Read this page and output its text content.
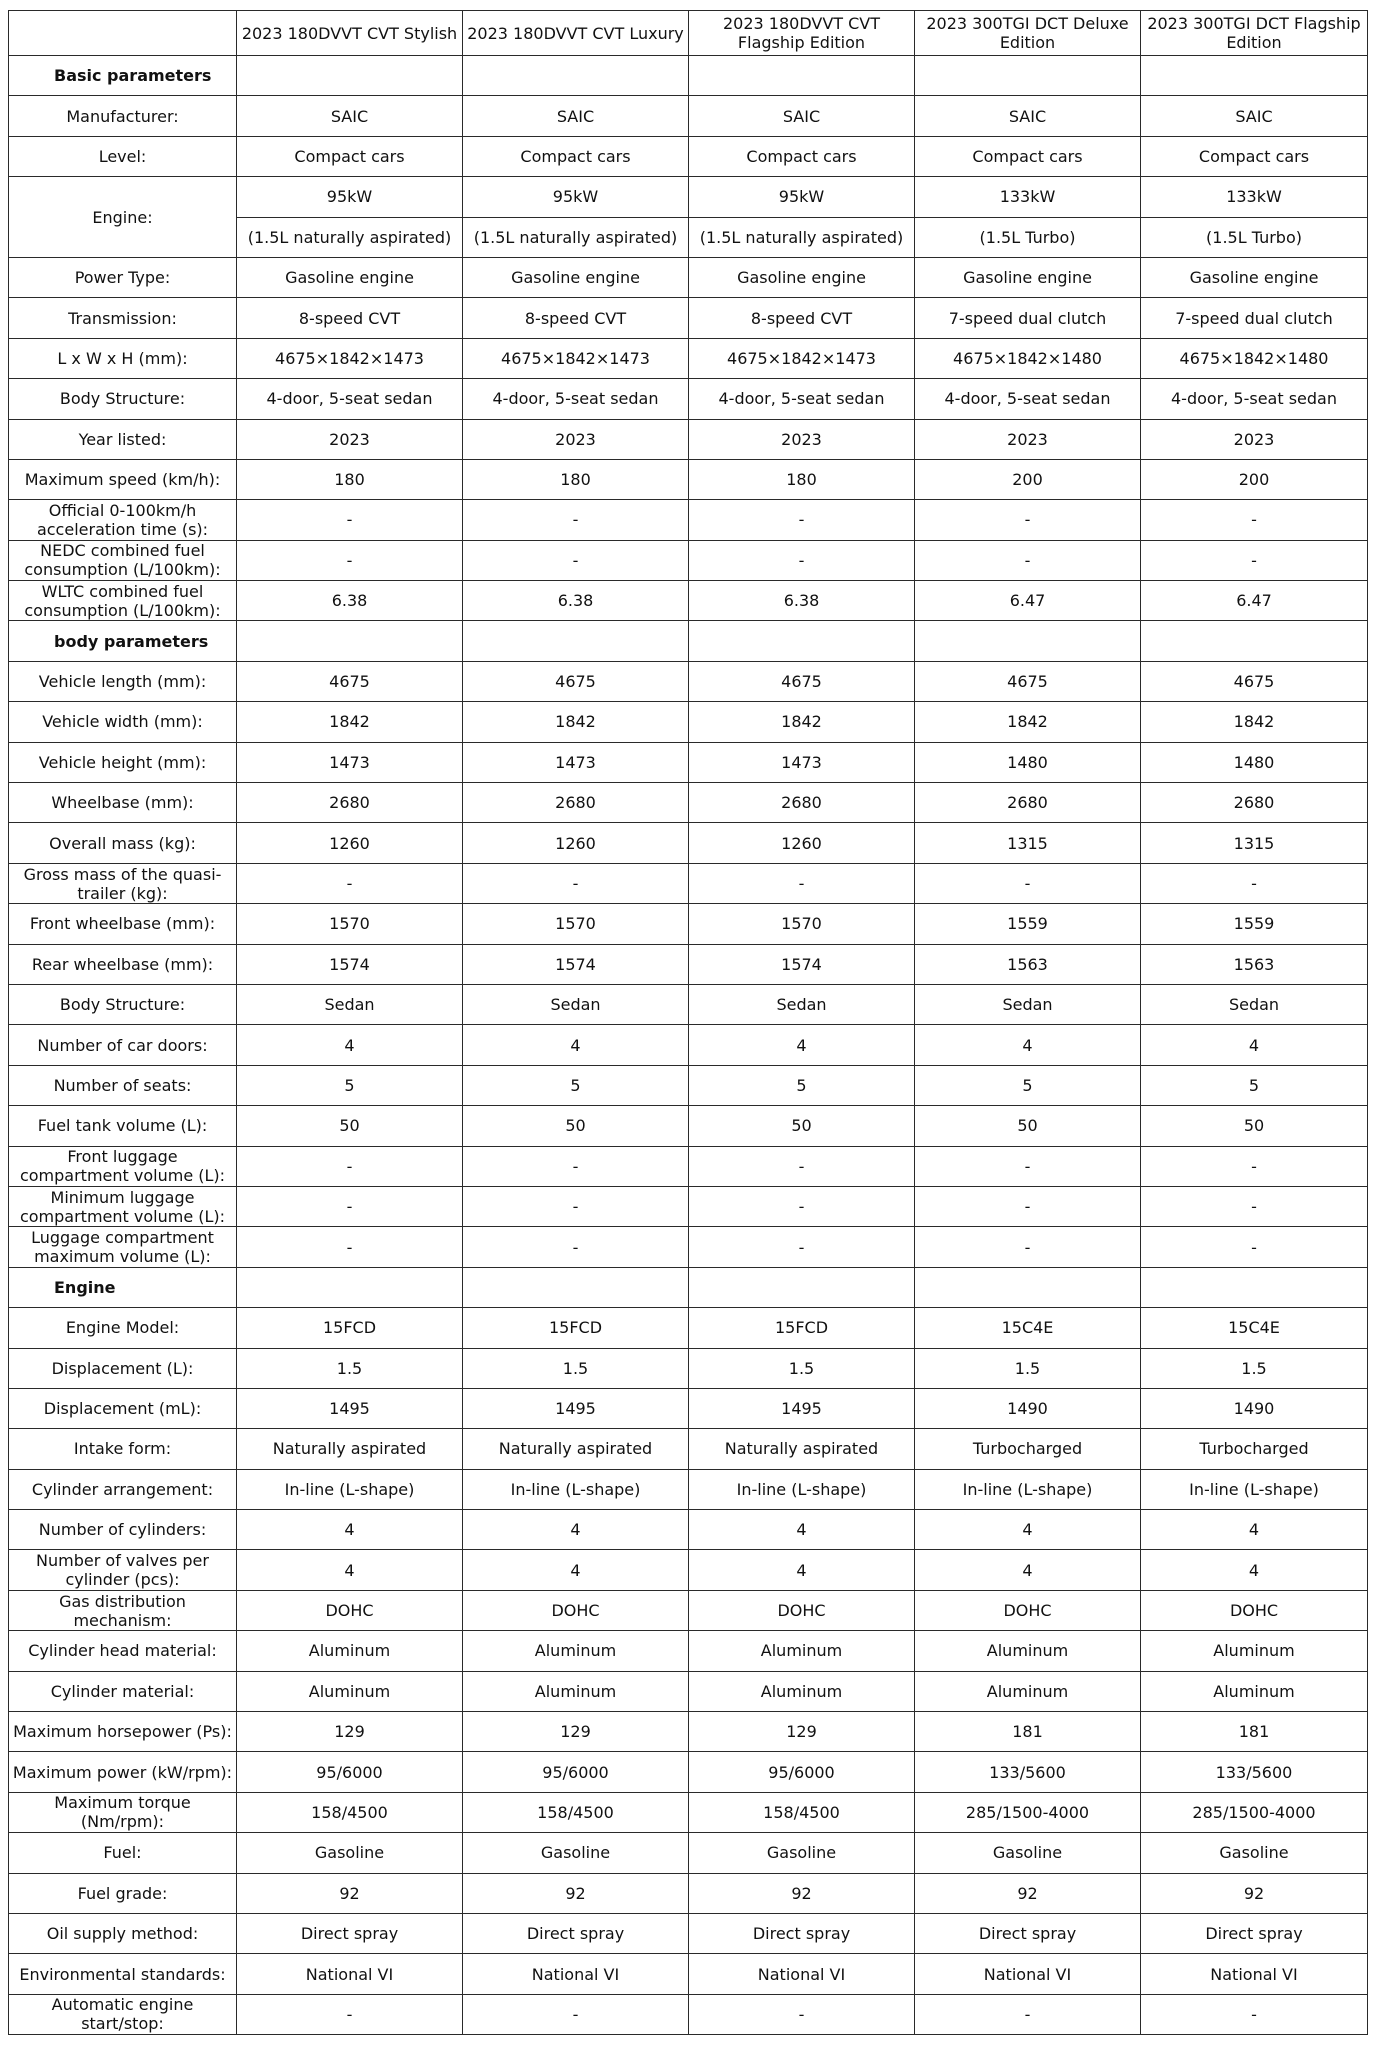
	2023 180DVVT CVT Stylish	2023 180DVVT CVT Luxury	2023 180DVVT CVT Flagship Edition	2023 300TGI DCT Deluxe Edition	2023 300TGI DCT Flagship Edition
Basic parameters					
Manufacturer:	SAIC	SAIC	SAIC	SAIC	SAIC
Level:	Compact cars	Compact cars	Compact cars	Compact cars	Compact cars
Engine:	95kW	95kW	95kW	133kW	133kW
	(1.5L naturally aspirated)	(1.5L naturally aspirated)	(1.5L naturally aspirated)	(1.5L Turbo)	(1.5L Turbo)
Power Type:	Gasoline engine	Gasoline engine	Gasoline engine	Gasoline engine	Gasoline engine
Transmission:	8-speed CVT	8-speed CVT	8-speed CVT	7-speed dual clutch	7-speed dual clutch
L x W x H (mm):	4675×1842×1473	4675×1842×1473	4675×1842×1473	4675×1842×1480	4675×1842×1480
Body Structure:	4-door, 5-seat sedan	4-door, 5-seat sedan	4-door, 5-seat sedan	4-door, 5-seat sedan	4-door, 5-seat sedan
Year listed:	2023	2023	2023	2023	2023
Maximum speed (km/h):	180	180	180	200	200
Official 0-100km/h acceleration time (s):	-	-	-	-	-
NEDC combined fuel consumption (L/100km):	-	-	-	-	-
WLTC combined fuel consumption (L/100km):	6.38	6.38	6.38	6.47	6.47
body parameters					
Vehicle length (mm):	4675	4675	4675	4675	4675
Vehicle width (mm):	1842	1842	1842	1842	1842
Vehicle height (mm):	1473	1473	1473	1480	1480
Wheelbase (mm):	2680	2680	2680	2680	2680
Overall mass (kg):	1260	1260	1260	1315	1315
Gross mass of the quasi-trailer (kg):	-	-	-	-	-
Front wheelbase (mm):	1570	1570	1570	1559	1559
Rear wheelbase (mm):	1574	1574	1574	1563	1563
Body Structure:	Sedan	Sedan	Sedan	Sedan	Sedan
Number of car doors:	4	4	4	4	4
Number of seats:	5	5	5	5	5
Fuel tank volume (L):	50	50	50	50	50
Front luggage compartment volume (L):	-	-	-	-	-
Minimum luggage compartment volume (L):	-	-	-	-	-
Luggage compartment maximum volume (L):	-	-	-	-	-
Engine					
Engine Model:	15FCD	15FCD	15FCD	15C4E	15C4E
Displacement (L):	1.5	1.5	1.5	1.5	1.5
Displacement (mL):	1495	1495	1495	1490	1490
Intake form:	Naturally aspirated	Naturally aspirated	Naturally aspirated	Turbocharged	Turbocharged
Cylinder arrangement:	In-line (L-shape)	In-line (L-shape)	In-line (L-shape)	In-line (L-shape)	In-line (L-shape)
Number of cylinders:	4	4	4	4	4
Number of valves per cylinder (pcs):	4	4	4	4	4
Gas distribution mechanism:	DOHC	DOHC	DOHC	DOHC	DOHC
Cylinder head material:	Aluminum	Aluminum	Aluminum	Aluminum	Aluminum
Cylinder material:	Aluminum	Aluminum	Aluminum	Aluminum	Aluminum
Maximum horsepower (Ps):	129	129	129	181	181
Maximum power (kW/rpm):	95/6000	95/6000	95/6000	133/5600	133/5600
Maximum torque (Nm/rpm):	158/4500	158/4500	158/4500	285/1500-4000	285/1500-4000
Fuel:	Gasoline	Gasoline	Gasoline	Gasoline	Gasoline
Fuel grade:	92	92	92	92	92
Oil supply method:	Direct spray	Direct spray	Direct spray	Direct spray	Direct spray
Environmental standards:	National VI	National VI	National VI	National VI	National VI
Automatic engine start/stop:	-	-	-	-	-
